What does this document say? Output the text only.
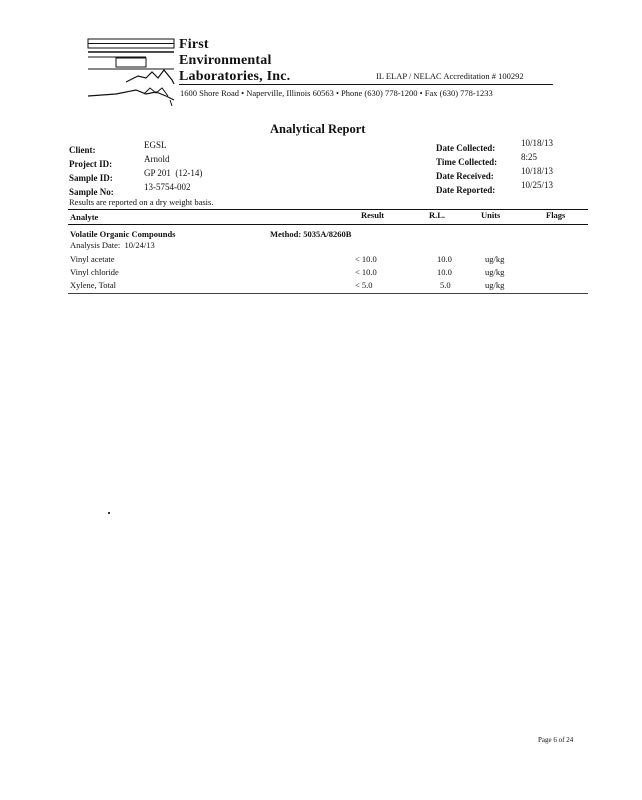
First
Environmental
Laboratories, Inc.	IL ELAP / NELAC Accreditation # 100292
1600 Shore Road • Naperville, Illinois 60563 • Phone (630) 778-1200 • Fax (630) 778-1233
Analytical Report
Client:	EGSL
Project ID:	Arnold
Sample ID:	GP 201  (12-14)
Sample No:	13-5754-002
Date Collected:	10/18/13
Time Collected:	8:25
Date Received:	10/18/13
Date Reported:	10/25/13
Results are reported on a dry weight basis.
Analyte	Result	R.L.	Units	Flags
Volatile Organic Compounds	Method: 5035A/8260B
Analysis Date:  10/24/13
Vinyl acetate	< 10.0	10.0	ug/kg
Vinyl chloride	< 10.0	10.0	ug/kg
Xylene, Total	< 5.0	5.0	ug/kg
Page 6 of 24
